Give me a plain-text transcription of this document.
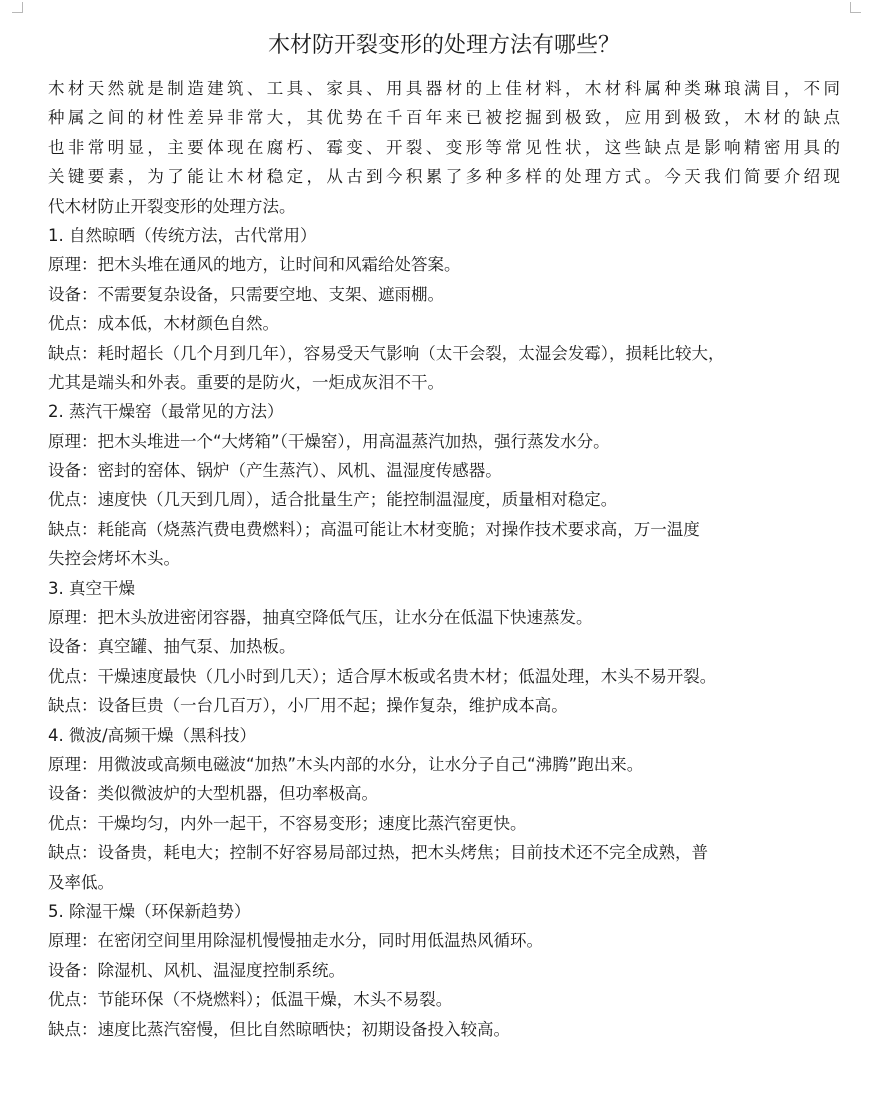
木材防开裂变形的处理方法有哪些？
木材天然就是制造建筑、工具、家具、用具器材的上佳材料，木材科属种类琳琅满目，不同
种属之间的材性差异非常大，其优势在千百年来已被挖掘到极致，应用到极致，木材的缺点
也非常明显，主要体现在腐朽、霉变、开裂、变形等常见性状，这些缺点是影响精密用具的
关键要素，为了能让木材稳定，从古到今积累了多种多样的处理方式。今天我们简要介绍现
代木材防止开裂变形的处理方法。
1. 自然晾晒（传统方法，古代常用）
原理：把木头堆在通风的地方，让时间和风霜给处答案。
设备：不需要复杂设备，只需要空地、支架、遮雨棚。
优点：成本低，木材颜色自然。
缺点：耗时超长（几个月到几年），容易受天气影响（太干会裂，太湿会发霉），损耗比较大，
尤其是端头和外表。重要的是防火，一炬成灰泪不干。
2. 蒸汽干燥窑（最常见的方法）
原理：把木头堆进一个“大烤箱”（干燥窑），用高温蒸汽加热，强行蒸发水分。
设备：密封的窑体、锅炉（产生蒸汽）、风机、温湿度传感器。
优点：速度快（几天到几周），适合批量生产；能控制温湿度，质量相对稳定。
缺点：耗能高（烧蒸汽费电费燃料）；高温可能让木材变脆；对操作技术要求高，万一温度
失控会烤坏木头。
3. 真空干燥
原理：把木头放进密闭容器，抽真空降低气压，让水分在低温下快速蒸发。
设备：真空罐、抽气泵、加热板。
优点：干燥速度最快（几小时到几天）；适合厚木板或名贵木材；低温处理，木头不易开裂。
缺点：设备巨贵（一台几百万），小厂用不起；操作复杂，维护成本高。
4. 微波/高频干燥（黑科技）
原理：用微波或高频电磁波“加热”木头内部的水分，让水分子自己“沸腾”跑出来。
设备：类似微波炉的大型机器，但功率极高。
优点：干燥均匀，内外一起干，不容易变形；速度比蒸汽窑更快。
缺点：设备贵，耗电大；控制不好容易局部过热，把木头烤焦；目前技术还不完全成熟，普
及率低。
5. 除湿干燥（环保新趋势）
原理：在密闭空间里用除湿机慢慢抽走水分，同时用低温热风循环。
设备：除湿机、风机、温湿度控制系统。
优点：节能环保（不烧燃料）；低温干燥，木头不易裂。
缺点：速度比蒸汽窑慢，但比自然晾晒快；初期设备投入较高。
